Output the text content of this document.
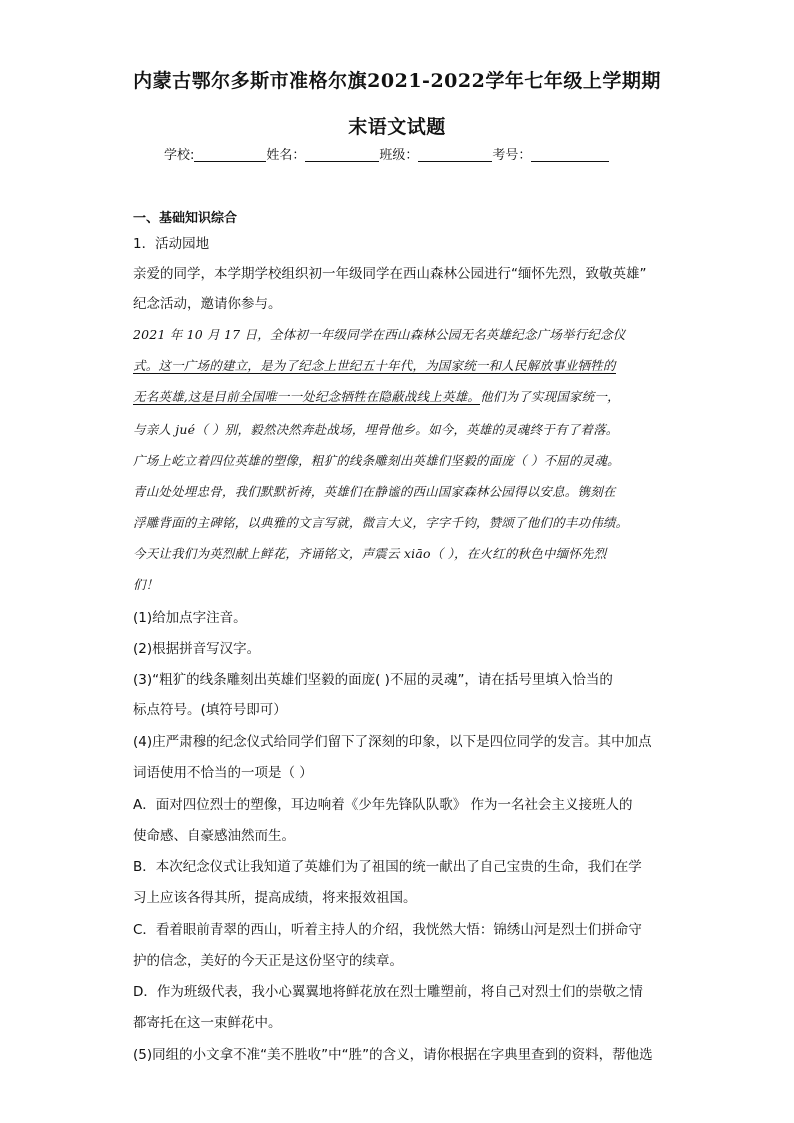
内蒙古鄂尔多斯市准格尔旗2021-2022学年七年级上学期期
末语文试题
学校:	姓名：	班级：	考号：
一、基础知识综合
1．活动园地
亲爱的同学，本学期学校组织初一年级同学在西山森林公园进行“缅怀先烈，致敬英雄”
纪念活动，邀请你参与。
2021 年 10 月 17 日，全体初一年级同学在西山森林公园无名英雄纪念广场举行纪念仪
式。这一广场的建立，是为了纪念上世纪五十年代，为国家统一和人民解放事业牺牲的
无名英雄,这是目前全国唯一一处纪念牺牲在隐蔽战线上英雄。他们为了实现国家统一，
与亲人 jué（ ）别，毅然决然奔赴战场，埋骨他乡。如今，英雄的灵魂终于有了着落。
广场上屹立着四位英雄的塑像，粗犷的线条雕刻出英雄们坚毅的面庞（ ）不屈的灵魂。
青山处处埋忠骨，我们默默祈祷，英雄们在静谧的西山国家森林公园得以安息。镌刻在
浮雕背面的主碑铭，以典雅的文言写就，微言大义，字字千钧，赞颂了他们的丰功伟绩。
今天让我们为英烈献上鲜花，齐诵铭文，声震云 xiāo（ ），在火红的秋色中缅怀先烈
们！
(1)给加点字注音。
(2)根据拼音写汉字。
(3)“粗犷的线条雕刻出英雄们坚毅的面庞( )不屈的灵魂”，请在括号里填入恰当的
标点符号。(填符号即可）
(4)庄严肃穆的纪念仪式给同学们留下了深刻的印象，以下是四位同学的发言。其中加点
词语使用不恰当的一项是（ ）
A．面对四位烈士的塑像，耳边响着《少年先锋队队歌》 作为一名社会主义接班人的
使命感、自豪感油然而生。
B．本次纪念仪式让我知道了英雄们为了祖国的统一献出了自己宝贵的生命，我们在学
习上应该各得其所，提高成绩，将来报效祖国。
C．看着眼前青翠的西山，听着主持人的介绍，我恍然大悟：锦绣山河是烈士们拼命守
护的信念，美好的今天正是这份坚守的续章。
D．作为班级代表，我小心翼翼地将鲜花放在烈士雕塑前，将自己对烈士们的崇敬之情
都寄托在这一束鲜花中。
(5)同组的小文拿不准“美不胜收”中“胜”的含义，请你根据在字典里查到的资料，帮他选
